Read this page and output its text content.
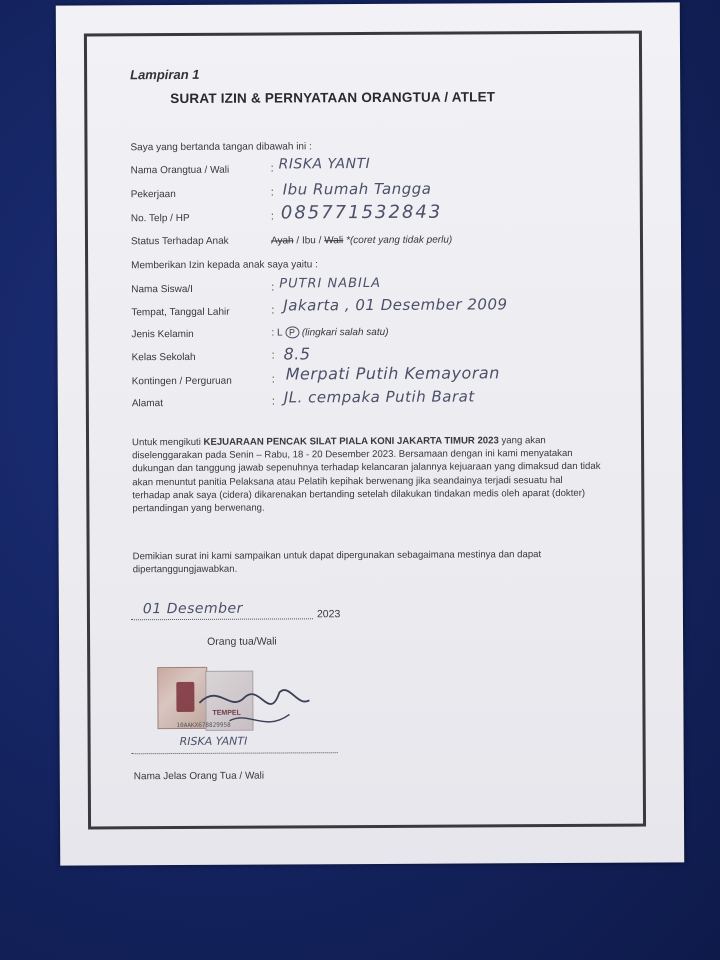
Lampiran 1
SURAT IZIN & PERNYATAAN ORANGTUA / ATLET
Saya yang bertanda tangan dibawah ini :
Nama Orangtua / Wali	: RISKA YANTI
Pekerjaan	: Ibu Rumah Tangga
No. Telp / HP	: 085771532843
Status Terhadap Anak	Ayah / Ibu / Wali *(coret yang tidak perlu)
Memberikan Izin kepada anak saya yaitu :
Nama Siswa/I	: PUTRI NABILA
Tempat, Tanggal Lahir	: Jakarta , 01 Desember 2009
Jenis Kelamin	: L P (lingkari salah satu)
Kelas Sekolah	: 8.5
Kontingen / Perguruan	: Merpati Putih Kemayoran
Alamat	: JL. cempaka Putih Barat
Untuk mengikuti KEJUARAAN PENCAK SILAT PIALA KONI JAKARTA TIMUR 2023 yang akan diselenggarakan pada Senin – Rabu, 18 - 20 Desember 2023. Bersamaan dengan ini kami menyatakan dukungan dan tanggung jawab sepenuhnya terhadap kelancaran jalannya kejuaraan yang dimaksud dan tidak akan menuntut panitia Pelaksana atau Pelatih kepihak berwenang jika seandainya terjadi sesuatu hal terhadap anak saya (cidera) dikarenakan bertanding setelah dilakukan tindakan medis oleh aparat (dokter) pertandingan yang berwenang.
Demikian surat ini kami sampaikan untuk dapat dipergunakan sebagaimana mestinya dan dapat dipertanggungjawabkan.
01 Desember	2023
Orang tua/Wali
TEMPEL
10AAKX678829958
RISKA YANTI
Nama Jelas Orang Tua / Wali
